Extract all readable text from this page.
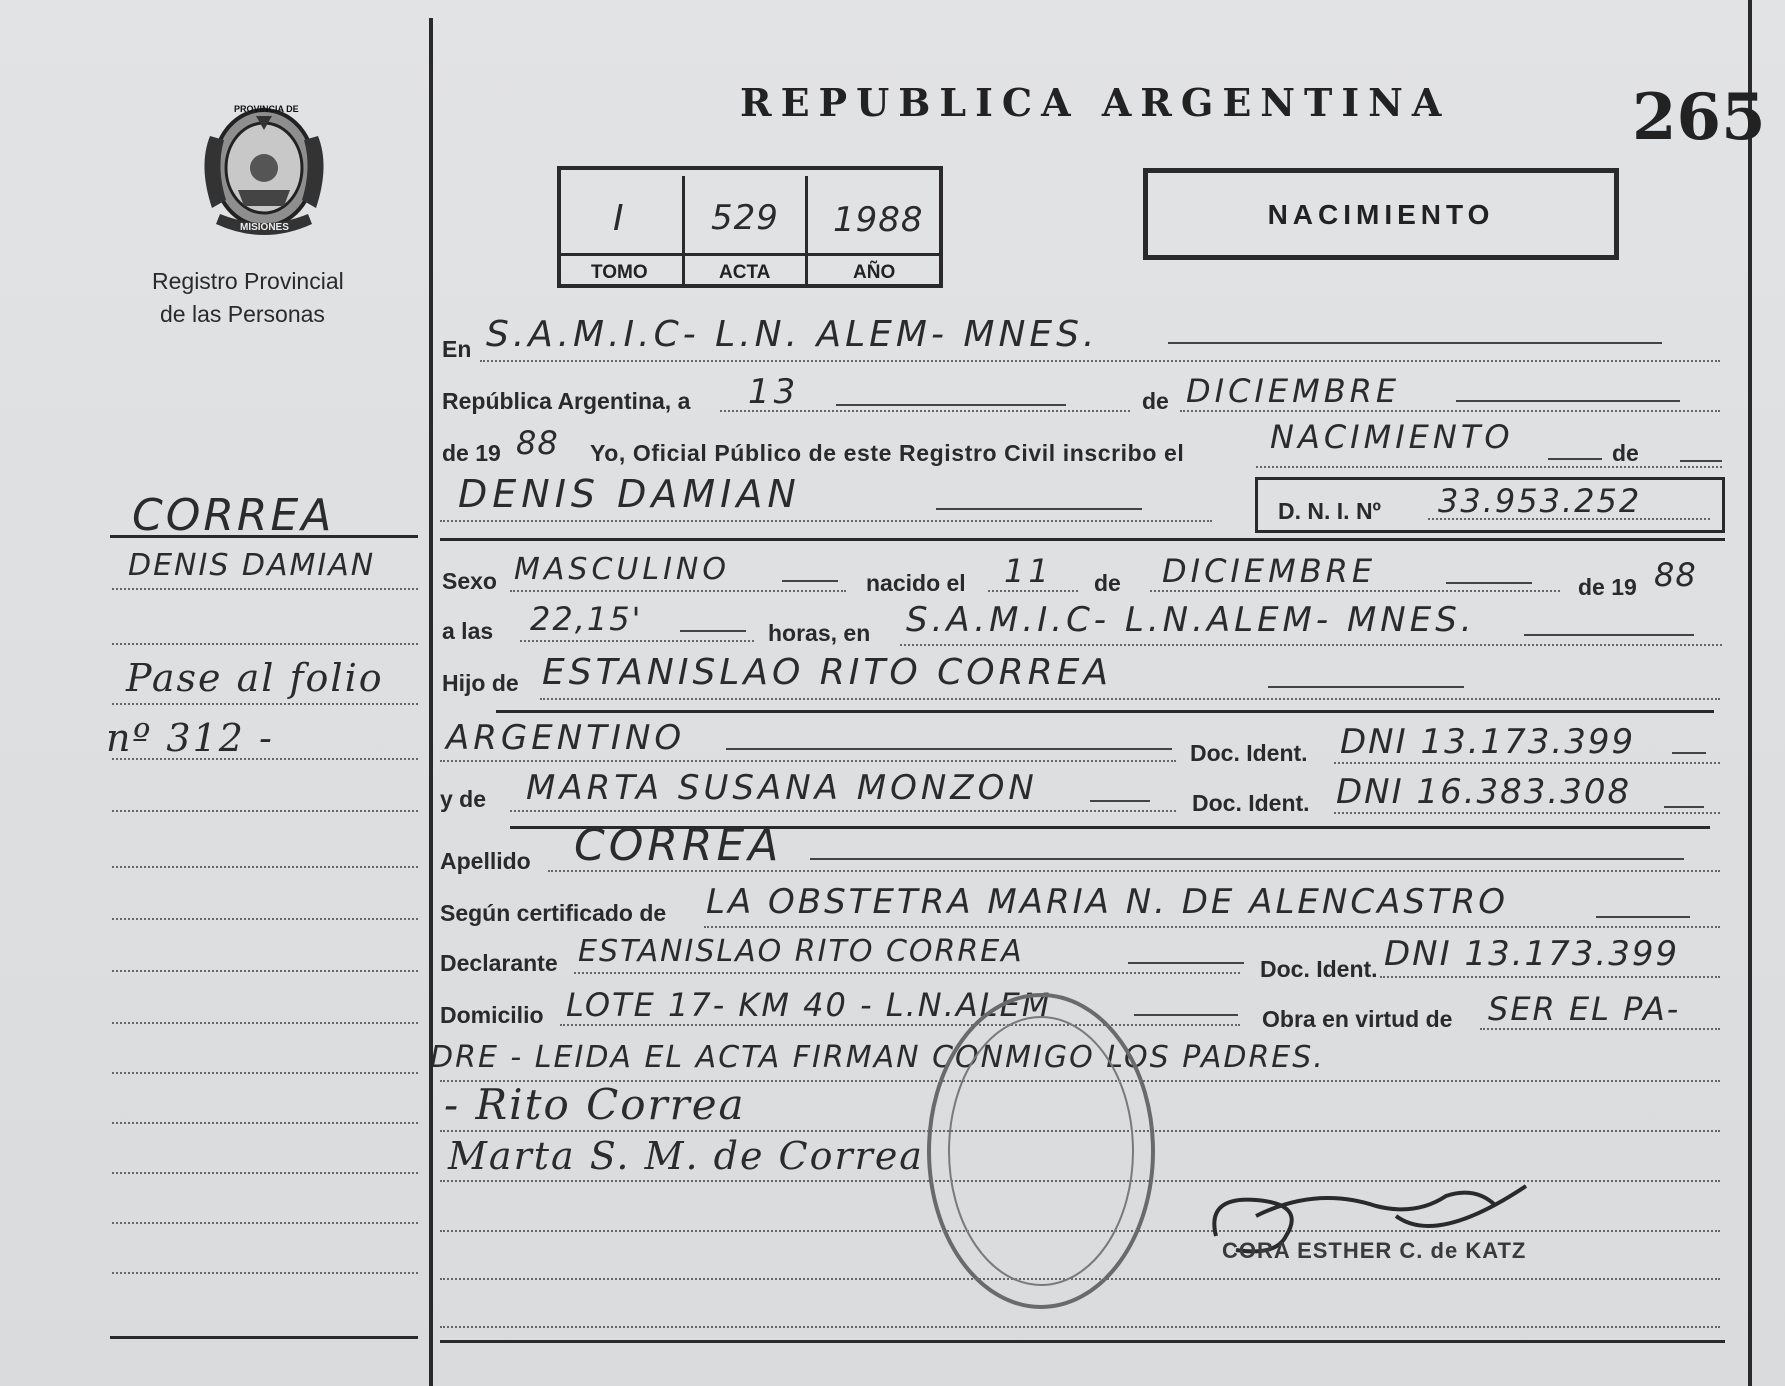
REPUBLICA ARGENTINA	265
PROVINCIA DE
MISIONES
Registro Provincial
de las Personas
I 529 1988
TOMO	ACTA	AÑO
NACIMIENTO
CORREA
DENIS DAMIAN
Pase al folio
nº 312 -
En S.A.M.I.C- L.N. ALEM- MNES.
República Argentina, a 13	de DICIEMBRE
de 19 88 Yo, Oficial Público de este Registro Civil inscribo el	NACIMIENTO	de
DENIS DAMIAN	D. N. I. Nº 33.953.252
Sexo MASCULINO	nacido el 11 de DICIEMBRE	de 19 88
a las 22,15'	horas, en S.A.M.I.C- L.N.ALEM- MNES.
Hijo de ESTANISLAO RITO CORREA
ARGENTINO	Doc. Ident. DNI 13.173.399
y de MARTA SUSANA MONZON	Doc. Ident. DNI 16.383.308
Apellido CORREA
Según certificado de LA OBSTETRA MARIA N. DE ALENCASTRO
Declarante ESTANISLAO RITO CORREA	Doc. Ident. DNI 13.173.399
Domicilio LOTE 17- KM 40 - L.N.ALEM	Obra en virtud de SER EL PA-
DRE - LEIDA EL ACTA FIRMAN CONMIGO LOS PADRES.
- Rito Correa
Marta S. M. de Correa
CORA ESTHER C. de KATZ
